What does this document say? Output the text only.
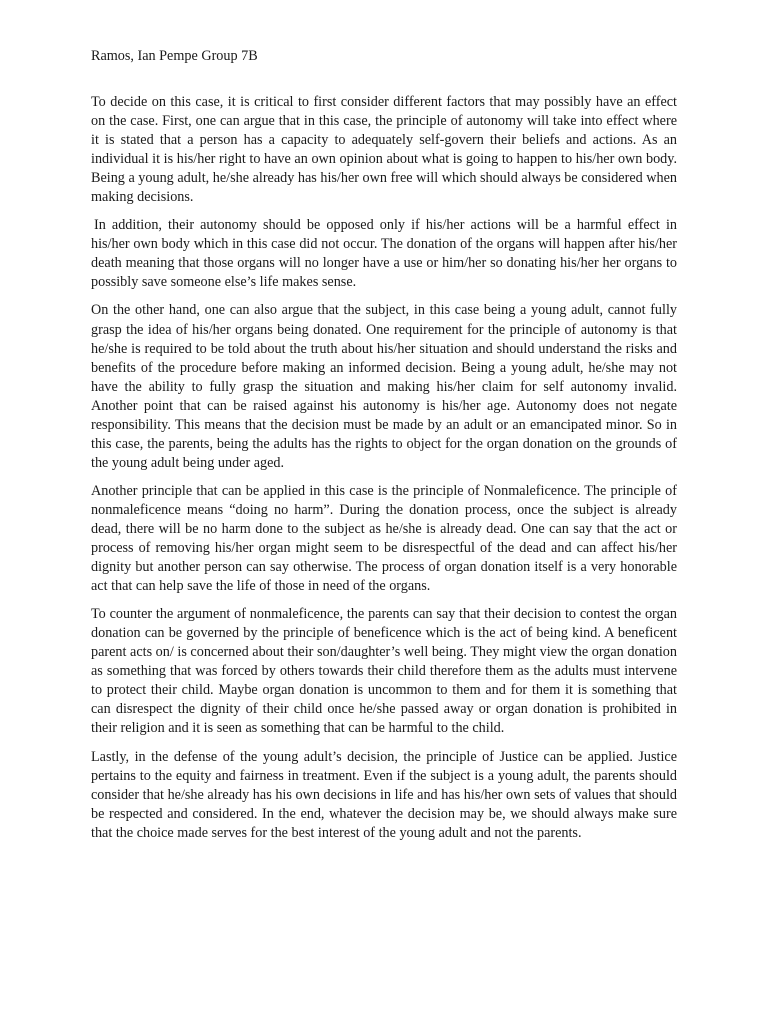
Ramos, Ian Pempe Group 7B

To decide on this case, it is critical to first consider different factors that may possibly have an effect on the case. First, one can argue that in this case, the principle of autonomy will take into effect where it is stated that a person has a capacity to adequately self-govern their beliefs and actions. As an individual it is his/her right to have an own opinion about what is going to happen to his/her own body. Being a young adult, he/she already has his/her own free will which should always be considered when making decisions.

In addition, their autonomy should be opposed only if his/her actions will be a harmful effect in his/her own body which in this case did not occur. The donation of the organs will happen after his/her death meaning that those organs will no longer have a use or him/her so donating his/her her organs to possibly save someone else’s life makes sense.

On the other hand, one can also argue that the subject, in this case being a young adult, cannot fully grasp the idea of his/her organs being donated. One requirement for the principle of autonomy is that he/she is required to be told about the truth about his/her situation and should understand the risks and benefits of the procedure before making an informed decision. Being a young adult, he/she may not have the ability to fully grasp the situation and making his/her claim for self autonomy invalid. Another point that can be raised against his autonomy is his/her age. Autonomy does not negate responsibility. This means that the decision must be made by an adult or an emancipated minor. So in this case, the parents, being the adults has the rights to object for the organ donation on the grounds of the young adult being under aged.

Another principle that can be applied in this case is the principle of Nonmaleficence. The principle of nonmaleficence means “doing no harm”. During the donation process, once the subject is already dead, there will be no harm done to the subject as he/she is already dead. One can say that the act or process of removing his/her organ might seem to be disrespectful of the dead and can affect his/her dignity but another person can say otherwise. The process of organ donation itself is a very honorable act that can help save the life of those in need of the organs.

To counter the argument of nonmaleficence, the parents can say that their decision to contest the organ donation can be governed by the principle of beneficence which is the act of being kind. A beneficent parent acts on/ is concerned about their son/daughter’s well being. They might view the organ donation as something that was forced by others towards their child therefore them as the adults must intervene to protect their child. Maybe organ donation is uncommon to them and for them it is something that can disrespect the dignity of their child once he/she passed away or organ donation is prohibited in their religion and it is seen as something that can be harmful to the child.

Lastly, in the defense of the young adult’s decision, the principle of Justice can be applied. Justice pertains to the equity and fairness in treatment. Even if the subject is a young adult, the parents should consider that he/she already has his own decisions in life and has his/her own sets of values that should be respected and considered. In the end, whatever the decision may be, we should always make sure that the choice made serves for the best interest of the young adult and not the parents.
